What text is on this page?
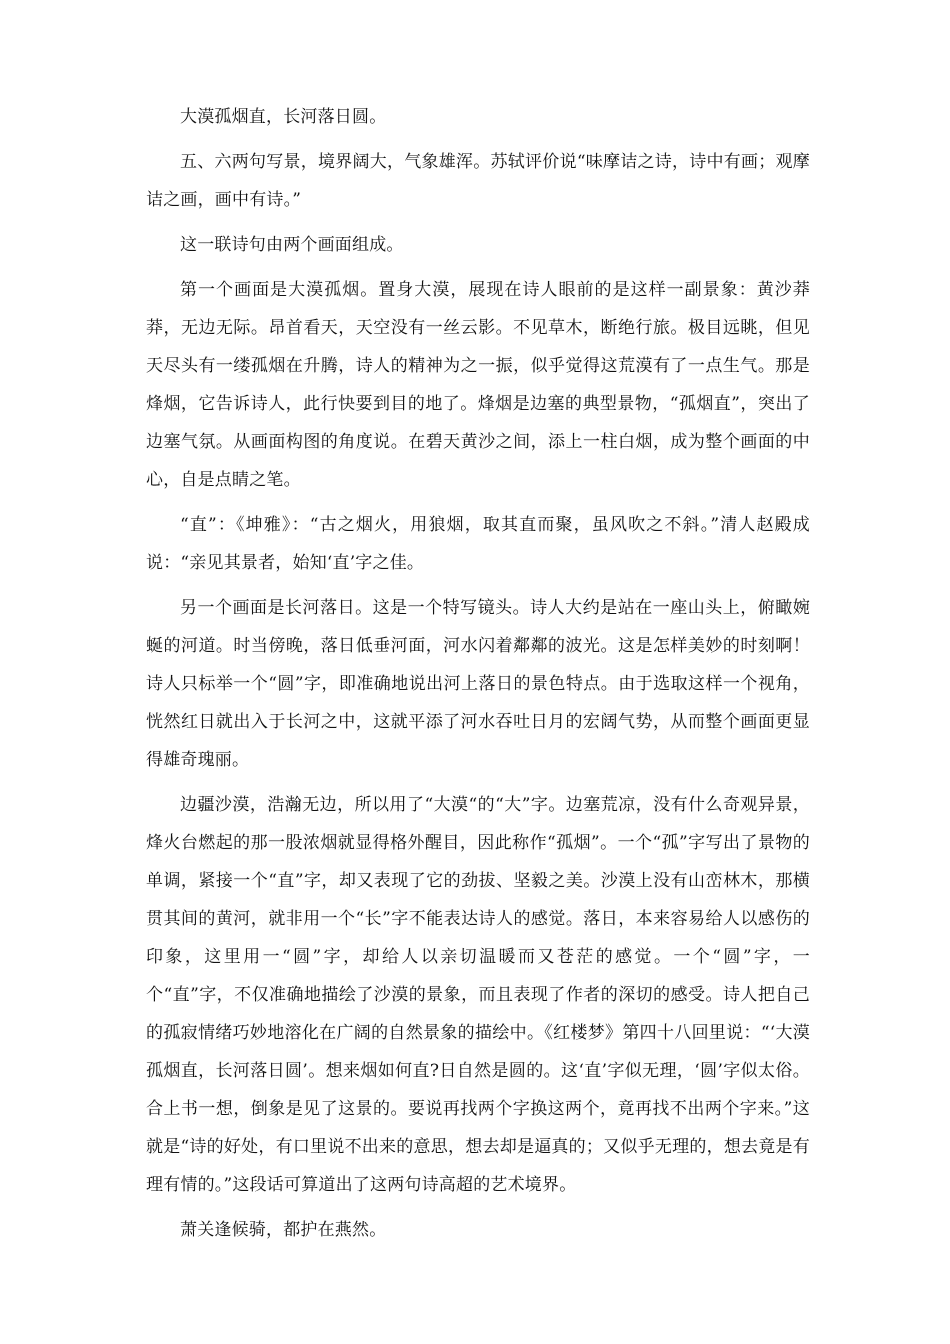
大漠孤烟直，长河落日圆。

五、六两句写景，境界阔大，气象雄浑。苏轼评价说“味摩诘之诗，诗中有画；观摩诘之画，画中有诗。”

这一联诗句由两个画面组成。

第一个画面是大漠孤烟。置身大漠，展现在诗人眼前的是这样一副景象：黄沙莽莽，无边无际。昂首看天，天空没有一丝云影。不见草木，断绝行旅。极目远眺，但见天尽头有一缕孤烟在升腾，诗人的精神为之一振，似乎觉得这荒漠有了一点生气。那是烽烟，它告诉诗人，此行快要到目的地了。烽烟是边塞的典型景物，“孤烟直”，突出了边塞气氛。从画面构图的角度说。在碧天黄沙之间，添上一柱白烟，成为整个画面的中心，自是点睛之笔。

“直”：《坤雅》：“古之烟火，用狼烟，取其直而聚，虽风吹之不斜。”清人赵殿成说：“亲见其景者，始知‘直’字之佳。

另一个画面是长河落日。这是一个特写镜头。诗人大约是站在一座山头上，俯瞰婉蜒的河道。时当傍晚，落日低垂河面，河水闪着鄰鄰的波光。这是怎样美妙的时刻啊！诗人只标举一个“圆”字，即准确地说出河上落日的景色特点。由于选取这样一个视角，恍然红日就出入于长河之中，这就平添了河水吞吐日月的宏阔气势，从而整个画面更显得雄奇瑰丽。

边疆沙漠，浩瀚无边，所以用了“大漠“的“大”字。边塞荒凉，没有什么奇观异景，烽火台燃起的那一股浓烟就显得格外醒目，因此称作“孤烟”。一个“孤”字写出了景物的单调，紧接一个“直”字，却又表现了它的劲拔、坚毅之美。沙漠上没有山峦林木，那横贯其间的黄河，就非用一个“长”字不能表达诗人的感觉。落日，本来容易给人以感伤的印象，这里用一“圆”字，却给人以亲切温暖而又苍茫的感觉。一个“圆”字，一个“直”字，不仅准确地描绘了沙漠的景象，而且表现了作者的深切的感受。诗人把自己的孤寂情绪巧妙地溶化在广阔的自然景象的描绘中。《红楼梦》第四十八回里说：“‘大漠孤烟直，长河落日圆’。想来烟如何直?日自然是圆的。这‘直’字似无理，‘圆’字似太俗。合上书一想，倒象是见了这景的。要说再找两个字换这两个，竟再找不出两个字来。”这就是“诗的好处，有口里说不出来的意思，想去却是逼真的；又似乎无理的，想去竟是有理有情的。”这段话可算道出了这两句诗高超的艺术境界。

萧关逢候骑，都护在燕然。
